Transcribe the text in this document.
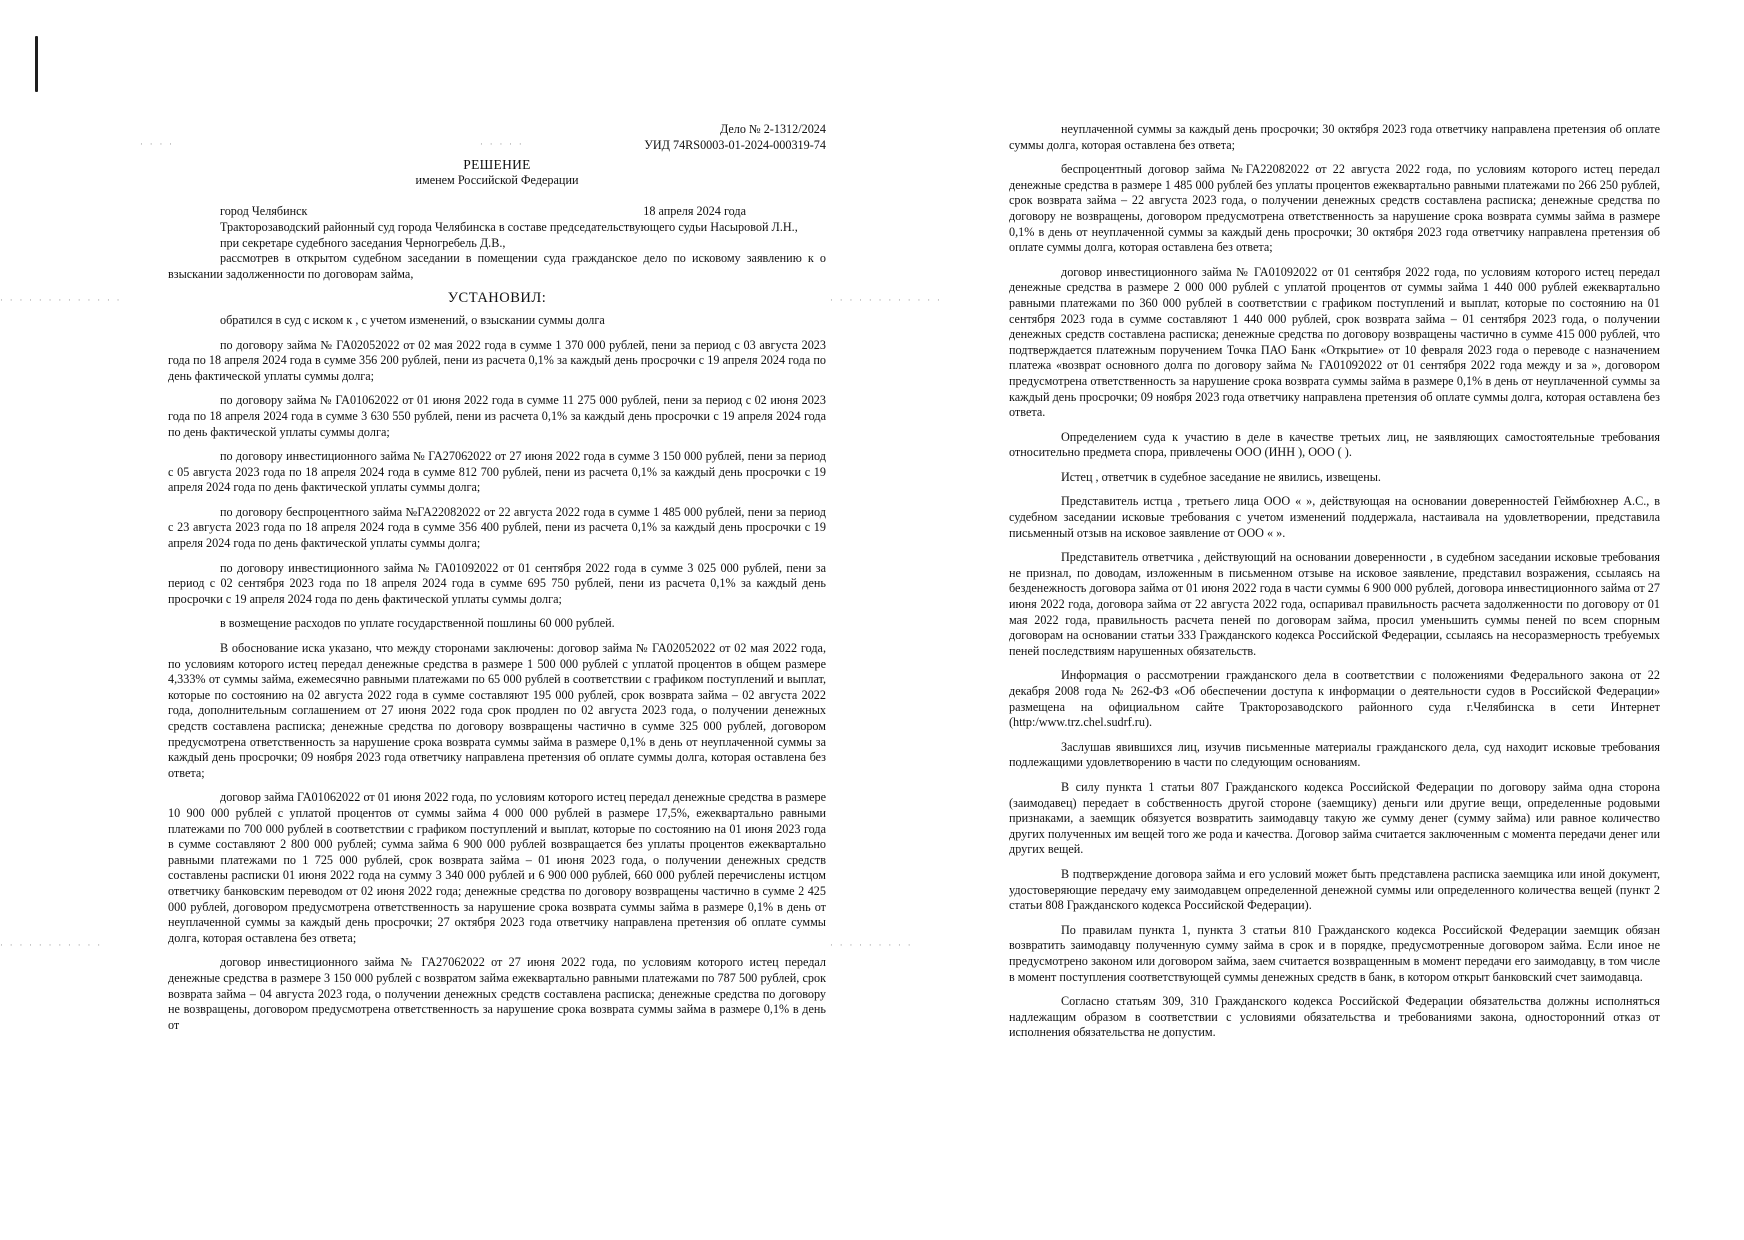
· · · ·	· · · · ·
· · · · · · · · · · · · ·	· · · · · · · · · · · ·
· · · · · · · · · · ·	· · · · · · · · ·

Дело № 2-1312/2024

УИД 74RS0003-01-2024-000319-74

РЕШЕНИЕ

именем Российской Федерации

город Челябинск	18 апреля 2024 года

Тракторозаводский районный суд города Челябинска в составе председательствующего судьи Насыровой Л.Н.,

при секретаре судебного заседания Черногребель Д.В.,

рассмотрев в открытом судебном заседании в помещении суда гражданское дело по исковому заявлению к о взыскании задолженности по договорам займа,

УСТАНОВИЛ:

обратился в суд с иском к , с учетом изменений, о взыскании суммы долга

по договору займа № ГА02052022 от 02 мая 2022 года в сумме 1 370 000 рублей, пени за период с 03 августа 2023 года по 18 апреля 2024 года в сумме 356 200 рублей, пени из расчета 0,1% за каждый день просрочки с 19 апреля 2024 года по день фактической уплаты суммы долга;

по договору займа № ГА01062022 от 01 июня 2022 года в сумме 11 275 000 рублей, пени за период с 02 июня 2023 года по 18 апреля 2024 года в сумме 3 630 550 рублей, пени из расчета 0,1% за каждый день просрочки с 19 апреля 2024 года по день фактической уплаты суммы долга;

по договору инвестиционного займа № ГА27062022 от 27 июня 2022 года в сумме 3 150 000 рублей, пени за период с 05 августа 2023 года по 18 апреля 2024 года в сумме 812 700 рублей, пени из расчета 0,1% за каждый день просрочки с 19 апреля 2024 года по день фактической уплаты суммы долга;

по договору беспроцентного займа №ГА22082022 от 22 августа 2022 года в сумме 1 485 000 рублей, пени за период с 23 августа 2023 года по 18 апреля 2024 года в сумме 356 400 рублей, пени из расчета 0,1% за каждый день просрочки с 19 апреля 2024 года по день фактической уплаты суммы долга;

по договору инвестиционного займа № ГА01092022 от 01 сентября 2022 года в сумме 3 025 000 рублей, пени за период с 02 сентября 2023 года по 18 апреля 2024 года в сумме 695 750 рублей, пени из расчета 0,1% за каждый день просрочки с 19 апреля 2024 года по день фактической уплаты суммы долга;

в возмещение расходов по уплате государственной пошлины 60 000 рублей.

В обоснование иска указано, что между сторонами заключены: договор займа № ГА02052022 от 02 мая 2022 года, по условиям которого истец передал денежные средства в размере 1 500 000 рублей с уплатой процентов в общем размере 4,333% от суммы займа, ежемесячно равными платежами по 65 000 рублей в соответствии с графиком поступлений и выплат, которые по состоянию на 02 августа 2022 года в сумме составляют 195 000 рублей, срок возврата займа – 02 августа 2022 года, дополнительным соглашением от 27 июня 2022 года срок продлен по 02 августа 2023 года, о получении денежных средств составлена расписка; денежные средства по договору возвращены частично в сумме 325 000 рублей, договором предусмотрена ответственность за нарушение срока возврата суммы займа в размере 0,1% в день от неуплаченной суммы за каждый день просрочки; 09 ноября 2023 года ответчику направлена претензия об оплате суммы долга, которая оставлена без ответа;

договор займа ГА01062022 от 01 июня 2022 года, по условиям которого истец передал денежные средства в размере 10 900 000 рублей с уплатой процентов от суммы займа 4 000 000 рублей в размере 17,5%, ежеквартально равными платежами по 700 000 рублей в соответствии с графиком поступлений и выплат, которые по состоянию на 01 июня 2023 года в сумме составляют 2 800 000 рублей; сумма займа 6 900 000 рублей возвращается без уплаты процентов ежеквартально равными платежами по 1 725 000 рублей, срок возврата займа – 01 июня 2023 года, о получении денежных средств составлены расписки 01 июня 2022 года на сумму 3 340 000 рублей и 6 900 000 рублей, 660 000 рублей перечислены истцом ответчику банковским переводом от 02 июня 2022 года; денежные средства по договору возвращены частично в сумме 2 425 000 рублей, договором предусмотрена ответственность за нарушение срока возврата суммы займа в размере 0,1% в день от неуплаченной суммы за каждый день просрочки; 27 октября 2023 года ответчику направлена претензия об оплате суммы долга, которая оставлена без ответа;

договор инвестиционного займа № ГА27062022 от 27 июня 2022 года, по условиям которого истец передал денежные средства в размере 3 150 000 рублей с возвратом займа ежеквартально равными платежами по 787 500 рублей, срок возврата займа – 04 августа 2023 года, о получении денежных средств составлена расписка; денежные средства по договору не возвращены, договором предусмотрена ответственность за нарушение срока возврата суммы займа в размере 0,1% в день от

неуплаченной суммы за каждый день просрочки; 30 октября 2023 года ответчику направлена претензия об оплате суммы долга, которая оставлена без ответа;

беспроцентный договор займа №ГА22082022 от 22 августа 2022 года, по условиям которого истец передал денежные средства в размере 1 485 000 рублей без уплаты процентов ежеквартально равными платежами по 266 250 рублей, срок возврата займа – 22 августа 2023 года, о получении денежных средств составлена расписка; денежные средства по договору не возвращены, договором предусмотрена ответственность за нарушение срока возврата суммы займа в размере 0,1% в день от неуплаченной суммы за каждый день просрочки; 30 октября 2023 года ответчику направлена претензия об оплате суммы долга, которая оставлена без ответа;

договор инвестиционного займа № ГА01092022 от 01 сентября 2022 года, по условиям которого истец передал денежные средства в размере 2 000 000 рублей с уплатой процентов от суммы займа 1 440 000 рублей ежеквартально равными платежами по 360 000 рублей в соответствии с графиком поступлений и выплат, которые по состоянию на 01 сентября 2023 года в сумме составляют 1 440 000 рублей, срок возврата займа – 01 сентября 2023 года, о получении денежных средств составлена расписка; денежные средства по договору возвращены частично в сумме 415 000 рублей, что подтверждается платежным поручением Точка ПАО Банк «Открытие» от 10 февраля 2023 года о переводе с назначением платежа «возврат основного долга по договору займа № ГА01092022 от 01 сентября 2022 года между и за », договором предусмотрена ответственность за нарушение срока возврата суммы займа в размере 0,1% в день от неуплаченной суммы за каждый день просрочки; 09 ноября 2023 года ответчику направлена претензия об оплате суммы долга, которая оставлена без ответа.

Определением суда к участию в деле в качестве третьих лиц, не заявляющих самостоятельные требования относительно предмета спора, привлечены ООО (ИНН ), ООО ( ).

Истец , ответчик в судебное заседание не явились, извещены.

Представитель истца , третьего лица ООО « », действующая на основании доверенностей Геймбюхнер А.С., в судебном заседании исковые требования с учетом изменений поддержала, настаивала на удовлетворении, представила письменный отзыв на исковое заявление от ООО « ».

Представитель ответчика , действующий на основании доверенности , в судебном заседании исковые требования не признал, по доводам, изложенным в письменном отзыве на исковое заявление, представил возражения, ссылаясь на безденежность договора займа от 01 июня 2022 года в части суммы 6 900 000 рублей, договора инвестиционного займа от 27 июня 2022 года, договора займа от 22 августа 2022 года, оспаривал правильность расчета задолженности по договору от 01 мая 2022 года, правильность расчета пеней по договорам займа, просил уменьшить суммы пеней по всем спорным договорам на основании статьи 333 Гражданского кодекса Российской Федерации, ссылаясь на несоразмерность требуемых пеней последствиям нарушенных обязательств.

Информация о рассмотрении гражданского дела в соответствии с положениями Федерального закона от 22 декабря 2008 года № 262-ФЗ «Об обеспечении доступа к информации о деятельности судов в Российской Федерации» размещена на официальном сайте Тракторозаводского районного суда г.Челябинска в сети Интернет (http:/www.trz.chel.sudrf.ru).

Заслушав явившихся лиц, изучив письменные материалы гражданского дела, суд находит исковые требования подлежащими удовлетворению в части по следующим основаниям.

В силу пункта 1 статьи 807 Гражданского кодекса Российской Федерации по договору займа одна сторона (заимодавец) передает в собственность другой стороне (заемщику) деньги или другие вещи, определенные родовыми признаками, а заемщик обязуется возвратить заимодавцу такую же сумму денег (сумму займа) или равное количество других полученных им вещей того же рода и качества. Договор займа считается заключенным с момента передачи денег или других вещей.

В подтверждение договора займа и его условий может быть представлена расписка заемщика или иной документ, удостоверяющие передачу ему заимодавцем определенной денежной суммы или определенного количества вещей (пункт 2 статьи 808 Гражданского кодекса Российской Федерации).

По правилам пункта 1, пункта 3 статьи 810 Гражданского кодекса Российской Федерации заемщик обязан возвратить заимодавцу полученную сумму займа в срок и в порядке, предусмотренные договором займа. Если иное не предусмотрено законом или договором займа, заем считается возвращенным в момент передачи его заимодавцу, в том числе в момент поступления соответствующей суммы денежных средств в банк, в котором открыт банковский счет заимодавца.

Согласно статьям 309, 310 Гражданского кодекса Российской Федерации обязательства должны исполняться надлежащим образом в соответствии с условиями обязательства и требованиями закона, односторонний отказ от исполнения обязательства не допустим.
